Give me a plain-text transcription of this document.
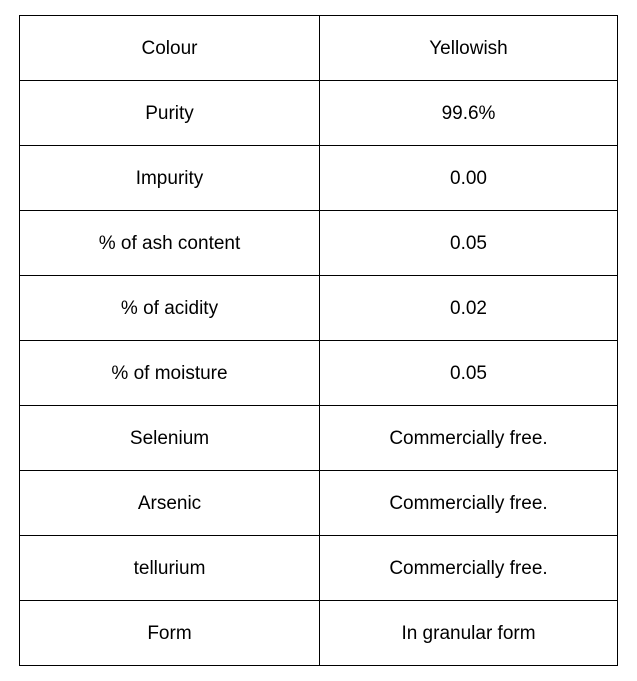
Colour	Yellowish
Purity	99.6%
Impurity	0.00
% of ash content	0.05
% of acidity	0.02
% of moisture	0.05
Selenium	Commercially free.
Arsenic	Commercially free.
tellurium	Commercially free.
Form	In granular form
